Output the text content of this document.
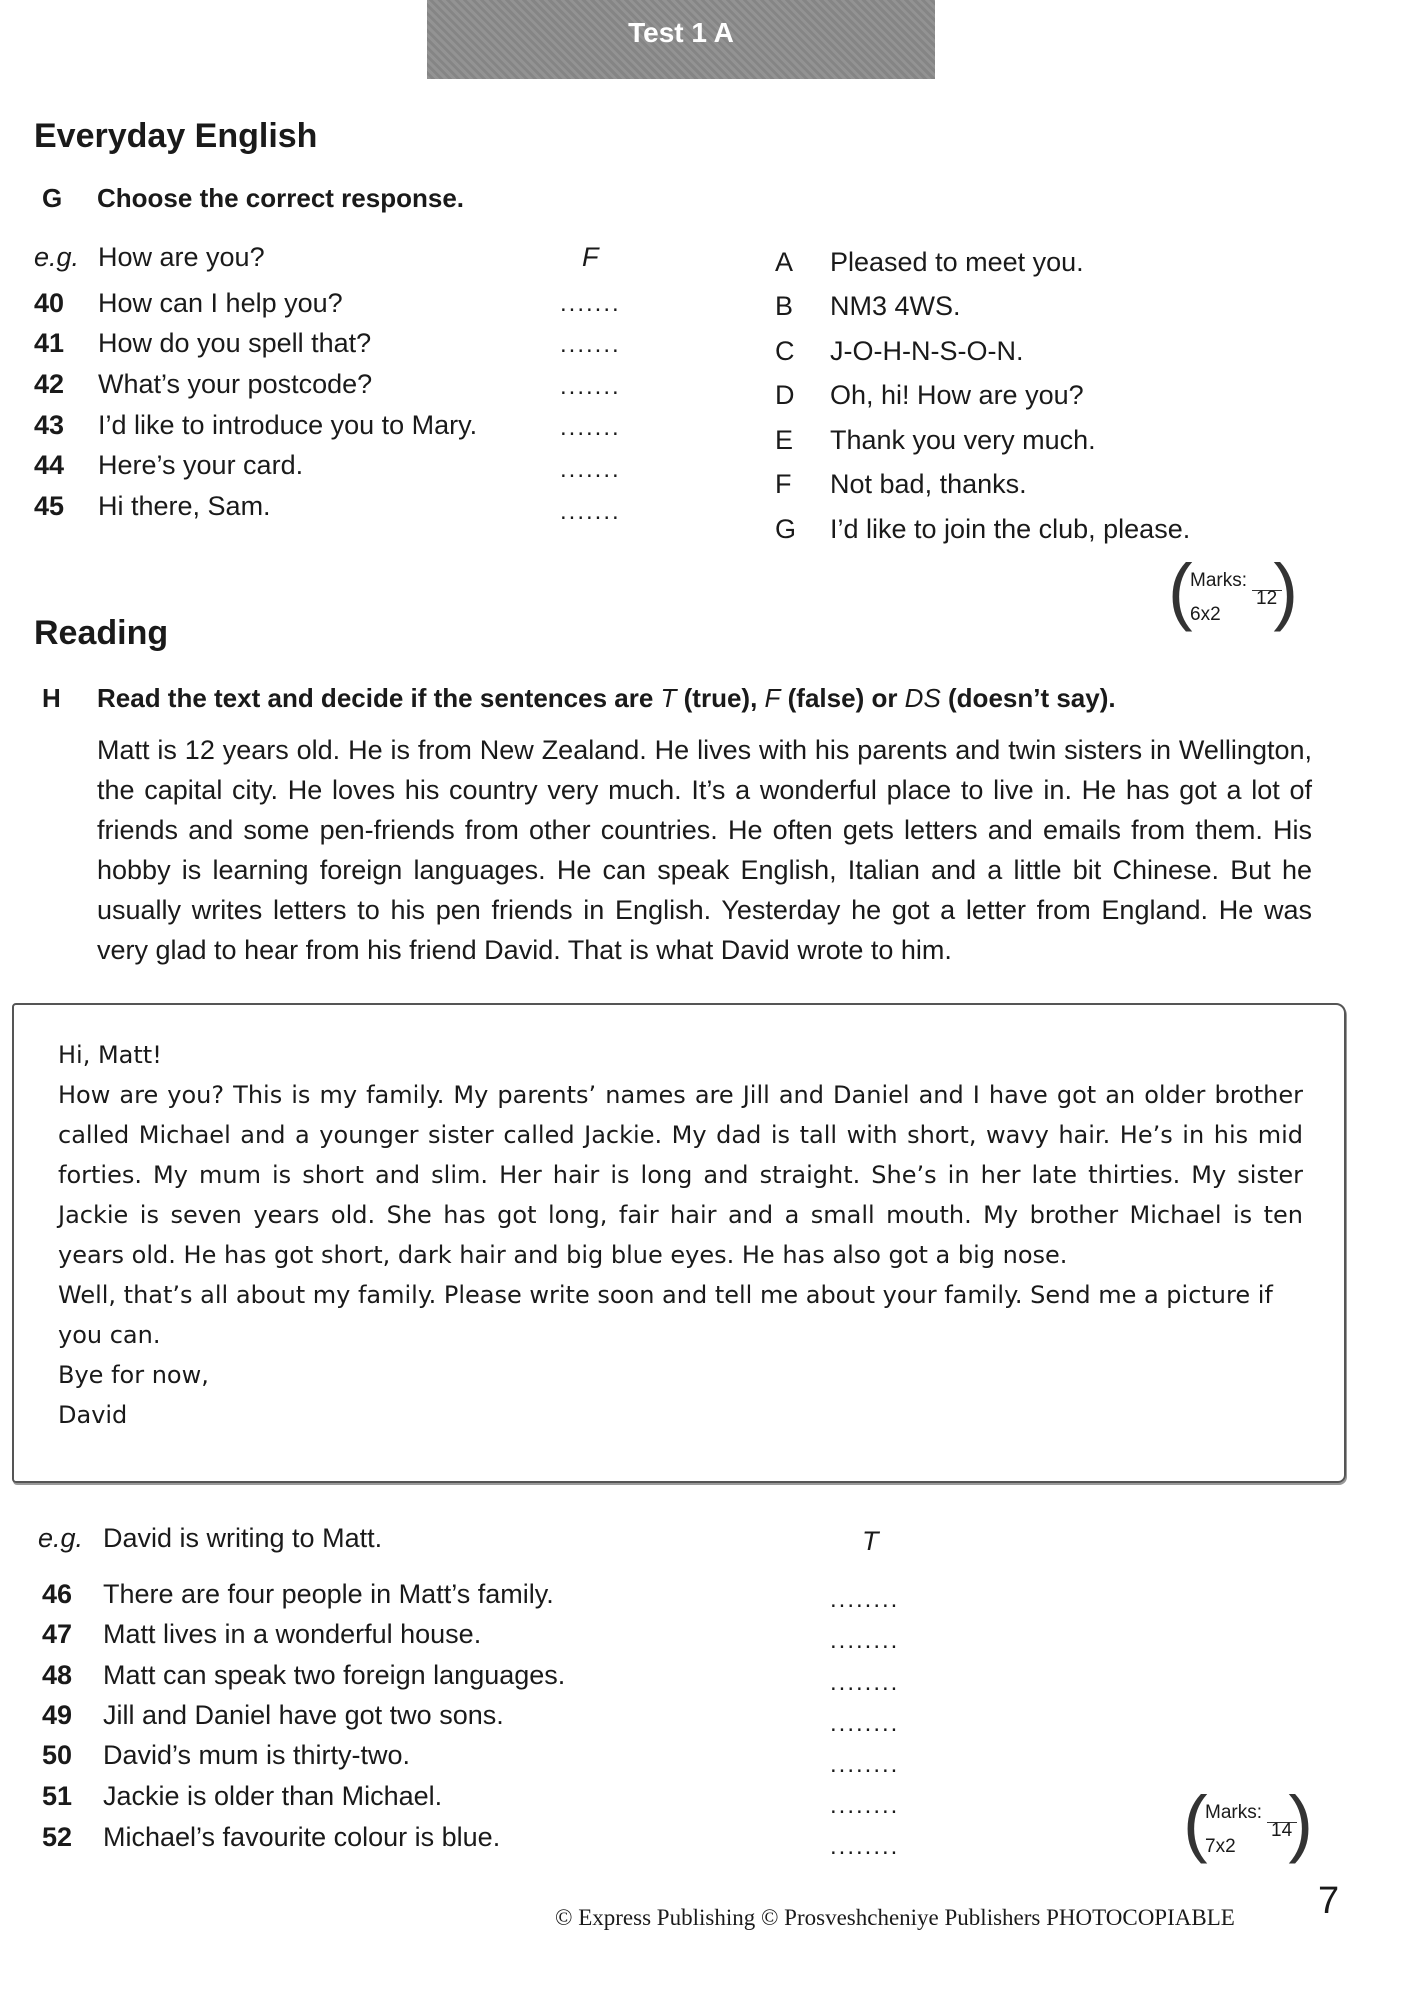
Test 1 A
Everyday English
G Choose the correct response.
e.g. How are you?	F
40 How can I help you?	.......
41 How do you spell that?	.......
42 What’s your postcode?	.......
43 I’d like to introduce you to Mary.	.......
44 Here’s your card.	.......
45 Hi there, Sam.	.......
A Pleased to meet you.
B NM3 4WS.
C J-O-H-N-S-O-N.
D Oh, hi! How are you?
E Thank you very much.
F Not bad, thanks.
G I’d like to join the club, please.
(
Marks:
6x2
12
)
Reading
H Read the text and decide if the sentences are T (true), F (false) or DS (doesn’t say).

Matt is 12 years old. He is from New Zealand. He lives with his parents and twin sisters in Wellington, the capital city. He loves his country very much. It’s a wonderful place to live in. He has got a lot of friends and some pen-friends from other countries. He often gets letters and emails from them. His hobby is learning foreign languages. He can speak English, Italian and a little bit Chinese. But he usually writes letters to his pen friends in English. Yesterday he got a letter from England. He was very glad to hear from his friend David. That is what David wrote to him.

Hi, Matt!
How are you? This is my family. My parents’ names are Jill and Daniel and I have got an older brother called Michael and a younger sister called Jackie. My dad is tall with short, wavy hair. He’s in his mid forties. My mum is short and slim. Her hair is long and straight. She’s in her late thirties. My sister Jackie is seven years old. She has got long, fair hair and a small mouth. My brother Michael is ten years old. He has got short, dark hair and big blue eyes. He has also got a big nose.
Well, that’s all about my family. Please write soon and tell me about your family. Send me a picture if you can.
Bye for now,
David
e.g. David is writing to Matt.	T
46 There are four people in Matt’s family.	........
47 Matt lives in a wonderful house.	........
48 Matt can speak two foreign languages.	........
49 Jill and Daniel have got two sons.	........
50 David’s mum is thirty-two.	........
51 Jackie is older than Michael.	........
52 Michael’s favourite colour is blue.	........	(
Marks:
7x2
14
)
© Express Publishing © Prosveshcheniye Publishers PHOTOCOPIABLE 7
